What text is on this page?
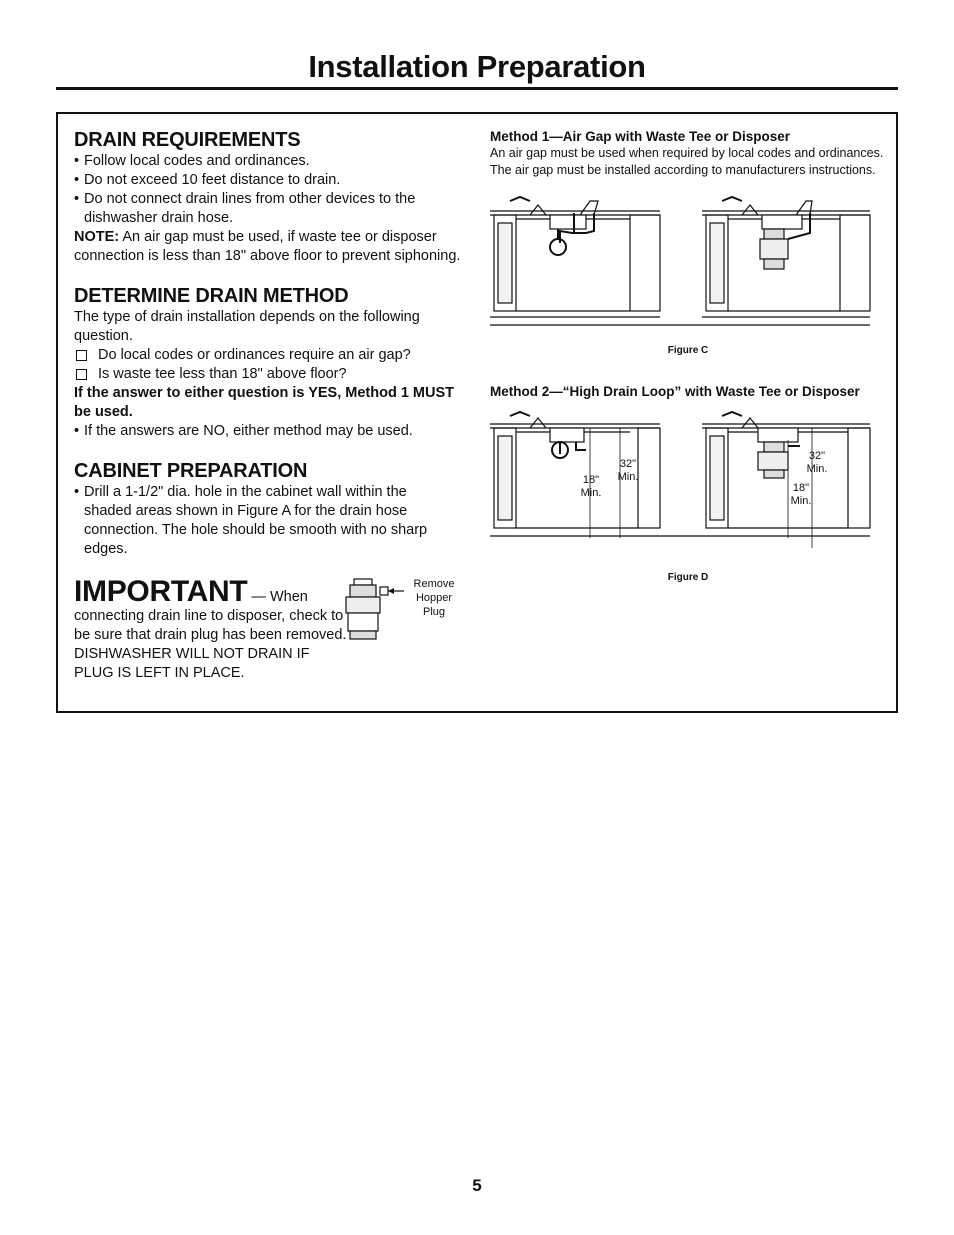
Installation Preparation
DRAIN REQUIREMENTS
• Follow local codes and ordinances.
• Do not exceed 10 feet distance to drain.
• Do not connect drain lines from other devices to the dishwasher drain hose.

NOTE: An air gap must be used, if waste tee or disposer connection is less than 18" above floor to prevent siphoning.

DETERMINE DRAIN METHOD

The type of drain installation depends on the following question.

Do local codes or ordinances require an air gap?
Is waste tee less than 18" above floor?

If the answer to either question is YES, Method 1 MUST be used.

• If the answers are NO, either method may be used.
CABINET PREPARATION
• Drill a 1-1/2" dia. hole in the cabinet wall within the shaded areas shown in Figure A for the drain hose connection. The hole should be smooth with no sharp edges.
IMPORTANT — When
connecting drain line to disposer, check to be sure that drain plug has been removed. DISHWASHER WILL NOT DRAIN IF PLUG IS LEFT IN PLACE.
Remove
Hopper
Plug

Method 1—Air Gap with Waste Tee or Disposer

An air gap must be used when required by local codes and ordinances. The air gap must be installed according to manufacturers instructions.

Figure C

Method 2—“High Drain Loop” with Waste Tee or Disposer

32"
Min.
18"
Min.
32"
Min.
18"
Min.

Figure D

5
